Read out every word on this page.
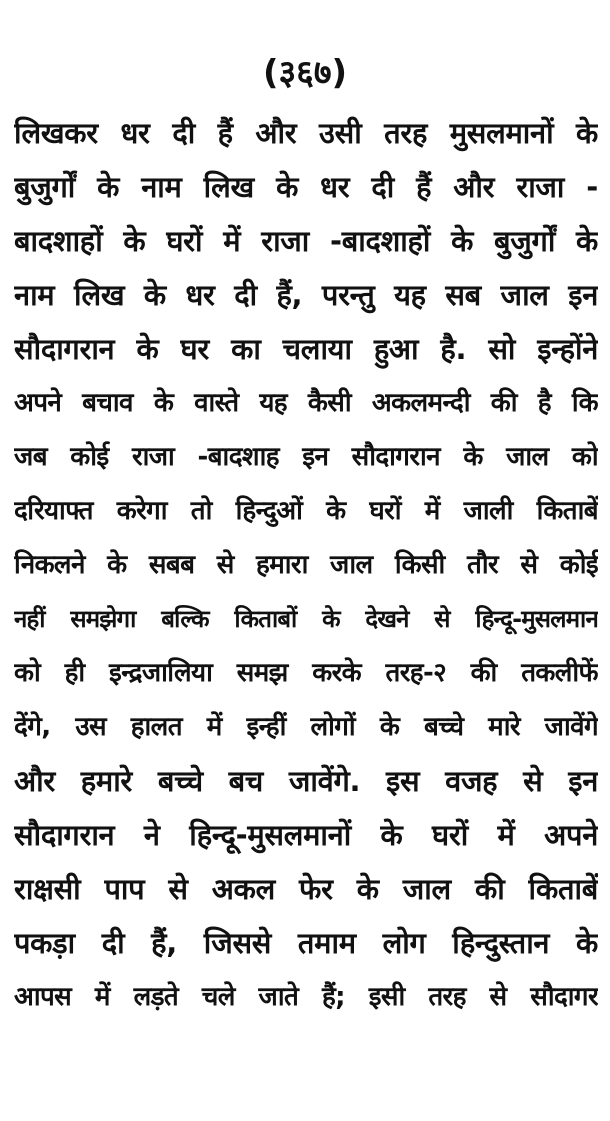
(३६७)

लिखकर धर दी हैं और उसी तरह मुसलमानों के
बुजुर्गों के नाम लिख के धर दी हैं और राजा -
बादशाहों के घरों में राजा -बादशाहों के बुजुर्गों के
नाम लिख के धर दी हैं, परन्तु यह सब जाल इन
सौदागरान के घर का चलाया हुआ है. सो इन्होंने
अपने बचाव के वास्ते यह कैसी अकलमन्दी की है कि
जब कोई राजा -बादशाह इन सौदागरान के जाल को
दरियाफ्त करेगा तो हिन्दुओं के घरों में जाली किताबें
निकलने के सबब से हमारा जाल किसी तौर से कोई
नहीं समझेगा बल्कि किताबों के देखने से हिन्दू-मुसलमान
को ही इन्द्रजालिया समझ करके तरह-२ की तकलीफें
देंगे, उस हालत में इन्हीं लोगों के बच्चे मारे जावेंगे
और हमारे बच्चे बच जावेंगे. इस वजह से इन
सौदागरान ने हिन्दू-मुसलमानों के घरों में अपने
राक्षसी पाप से अकल फेर के जाल की किताबें
पकड़ा दी हैं, जिससे तमाम लोग हिन्दुस्तान के
आपस में लड़ते चले जाते हैं; इसी तरह से सौदागर
